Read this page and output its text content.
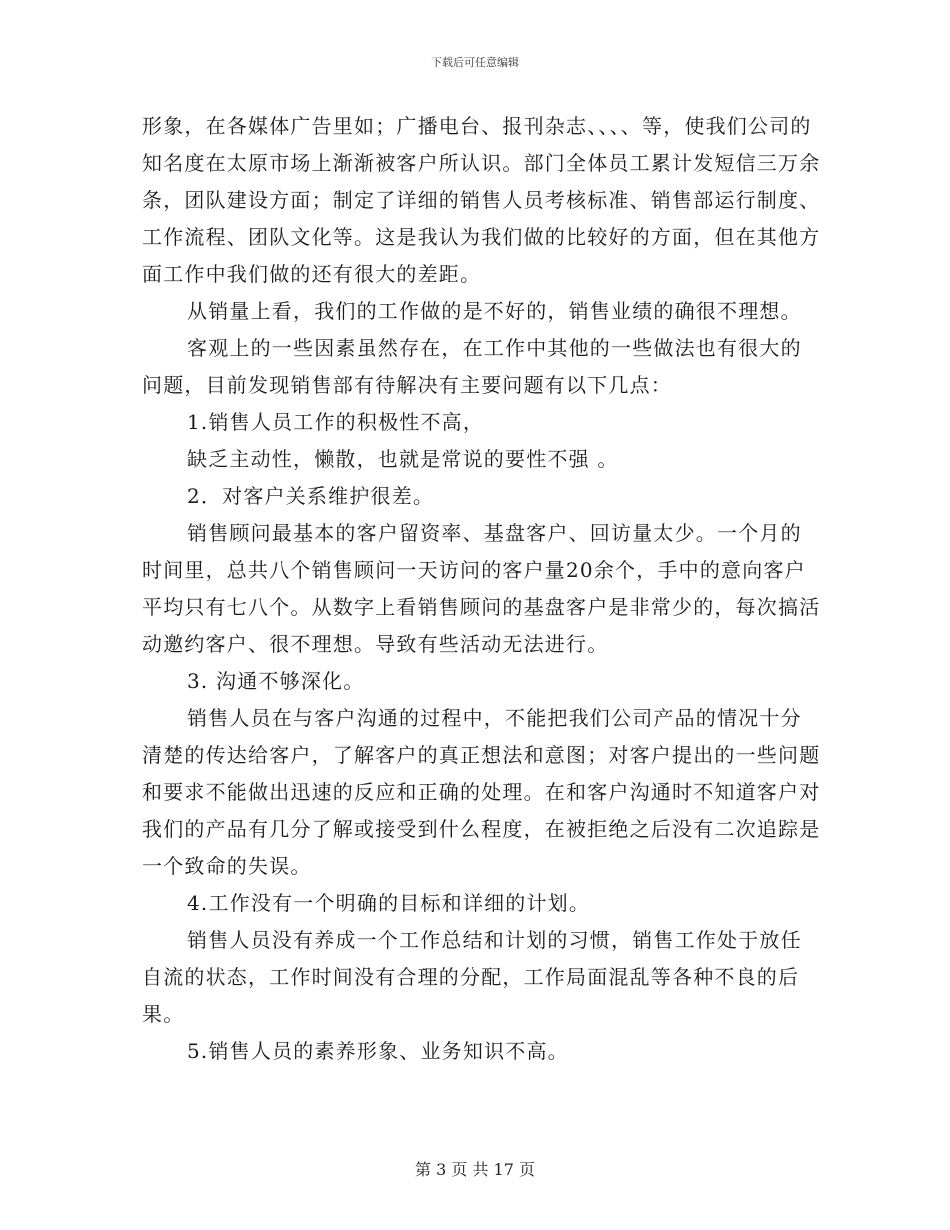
下载后可任意编辑

形象，在各媒体广告里如；广播电台、报刊杂志、、、、等，使我们公司的知名度在太原市场上渐渐被客户所认识。部门全体员工累计发短信三万余条，团队建设方面；制定了详细的销售人员考核标准、销售部运行制度、工作流程、团队文化等。这是我认为我们做的比较好的方面，但在其他方面工作中我们做的还有很大的差距。

从销量上看，我们的工作做的是不好的，销售业绩的确很不理想。

客观上的一些因素虽然存在，在工作中其他的一些做法也有很大的问题，目前发现销售部有待解决有主要问题有以下几点：

1.销售人员工作的积极性不高，

缺乏主动性，懒散，也就是常说的要性不强 。

2．对客户关系维护很差。

销售顾问最基本的客户留资率、基盘客户、回访量太少。一个月的时间里，总共八个销售顾问一天访问的客户量20余个，手中的意向客户平均只有七八个。从数字上看销售顾问的基盘客户是非常少的，每次搞活动邀约客户、很不理想。导致有些活动无法进行。

3. 沟通不够深化。

销售人员在与客户沟通的过程中，不能把我们公司产品的情况十分清楚的传达给客户，了解客户的真正想法和意图；对客户提出的一些问题和要求不能做出迅速的反应和正确的处理。在和客户沟通时不知道客户对我们的产品有几分了解或接受到什么程度，在被拒绝之后没有二次追踪是一个致命的失误。

4.工作没有一个明确的目标和详细的计划。

销售人员没有养成一个工作总结和计划的习惯，销售工作处于放任自流的状态，工作时间没有合理的分配，工作局面混乱等各种不良的后果。

5.销售人员的素养形象、业务知识不高。

第 3 页 共 17 页
